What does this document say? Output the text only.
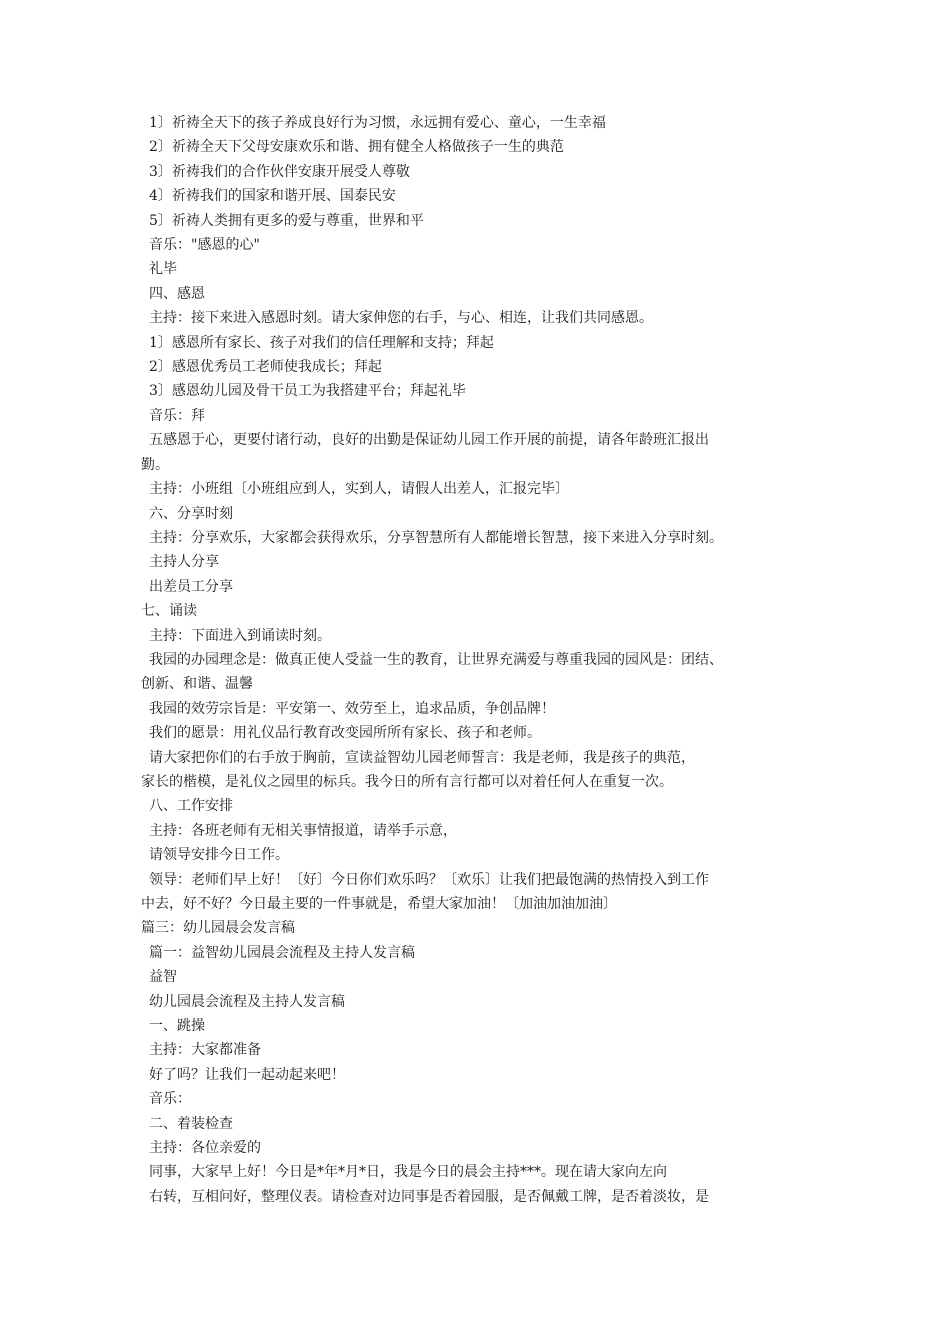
1〕祈祷全天下的孩子养成良好行为习惯，永远拥有爱心、童心，一生幸福

2〕祈祷全天下父母安康欢乐和谐、拥有健全人格做孩子一生的典范

3〕祈祷我们的合作伙伴安康开展受人尊敬

4〕祈祷我们的国家和谐开展、国泰民安

5〕祈祷人类拥有更多的爱与尊重，世界和平

音乐："感恩的心"

礼毕

四、感恩

主持：接下来进入感恩时刻。请大家伸您的右手，与心、相连，让我们共同感恩。

1〕感恩所有家长、孩子对我们的信任理解和支持；拜起

2〕感恩优秀员工老师使我成长；拜起

3〕感恩幼儿园及骨干员工为我搭建平台；拜起礼毕

音乐：拜

五感恩于心，更要付诸行动，良好的出勤是保证幼儿园工作开展的前提，请各年龄班汇报出

勤。

主持：小班组〔小班组应到人，实到人，请假人出差人，汇报完毕〕

六、分享时刻

主持：分享欢乐，大家都会获得欢乐，分享智慧所有人都能增长智慧，接下来进入分享时刻。

主持人分享

出差员工分享

七、诵读

主持：下面进入到诵读时刻。

我园的办园理念是：做真正使人受益一生的教育，让世界充满爱与尊重我园的园风是：团结、

创新、和谐、温馨

我园的效劳宗旨是：平安第一、效劳至上，追求品质，争创品牌！

我们的愿景：用礼仪品行教育改变园所所有家长、孩子和老师。

请大家把你们的右手放于胸前，宣读益智幼儿园老师誓言：我是老师，我是孩子的典范，

家长的楷模，是礼仪之园里的标兵。我今日的所有言行都可以对着任何人在重复一次。

八、工作安排

主持：各班老师有无相关事情报道，请举手示意，

请领导安排今日工作。

领导：老师们早上好！〔好〕今日你们欢乐吗？〔欢乐〕让我们把最饱满的热情投入到工作

中去，好不好？今日最主要的一件事就是，希望大家加油！〔加油加油加油〕

篇三：幼儿园晨会发言稿

篇一：益智幼儿园晨会流程及主持人发言稿

益智

幼儿园晨会流程及主持人发言稿

一、跳操

主持：大家都准备

好了吗？让我们一起动起来吧！

音乐：

二、着装检查

主持：各位亲爱的

同事，大家早上好！今日是*年*月*日，我是今日的晨会主持***。现在请大家向左向

右转，互相问好，整理仪表。请检查对边同事是否着园服，是否佩戴工牌，是否着淡妆，是
